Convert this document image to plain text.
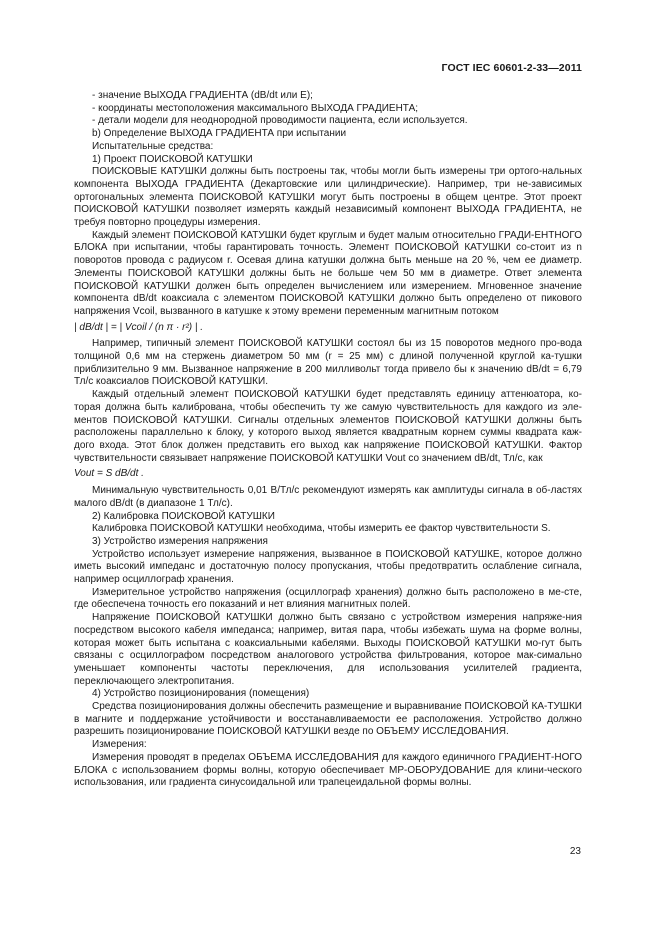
ГОСТ IEC 60601-2-33—2011

- значение ВЫХОДА ГРАДИЕНТА (dB/dt или E);

- координаты местоположения максимального ВЫХОДА ГРАДИЕНТА;

- детали модели для неоднородной проводимости пациента, если используется.

b) Определение ВЫХОДА ГРАДИЕНТА при испытании

Испытательные средства:

1) Проект ПОИСКОВОЙ КАТУШКИ

ПОИСКОВЫЕ КАТУШКИ должны быть построены так, чтобы могли быть измерены три ортого-нальных компонента ВЫХОДА ГРАДИЕНТА (Декартовские или цилиндрические). Например, три не-зависимых ортогональных элемента ПОИСКОВОЙ КАТУШКИ могут быть построены в общем центре. Этот проект ПОИСКОВОЙ КАТУШКИ позволяет измерять каждый независимый компонент ВЫХОДА ГРАДИЕНТА, не требуя повторно процедуры измерения.

Каждый элемент ПОИСКОВОЙ КАТУШКИ будет круглым и будет малым относительно ГРАДИ-ЕНТНОГО БЛОКА при испытании, чтобы гарантировать точность. Элемент ПОИСКОВОЙ КАТУШКИ со-стоит из n поворотов провода с радиусом r. Осевая длина катушки должна быть меньше на 20 %, чем ее диаметр. Элементы ПОИСКОВОЙ КАТУШКИ должны быть не больше чем 50 мм в диаметре. Ответ элемента ПОИСКОВОЙ КАТУШКИ должен быть определен вычислением или измерением. Мгновенное значение компонента dB/dt коаксиала с элементом ПОИСКОВОЙ КАТУШКИ должно быть определено от пикового напряжения Vcoil, вызванного в катушке к этому времени переменным магнитным потоком

| dB/dt | = | Vcoil / (n π · r²) | .

Например, типичный элемент ПОИСКОВОЙ КАТУШКИ состоял бы из 15 поворотов медного про-вода толщиной 0,6 мм на стержень диаметром 50 мм (r = 25 мм) с длиной полученной круглой ка-тушки приблизительно 9 мм. Вызванное напряжение в 200 милливольт тогда привело бы к значению dB/dt = 6,79 Тл/с коаксиалов ПОИСКОВОЙ КАТУШКИ.

Каждый отдельный элемент ПОИСКОВОЙ КАТУШКИ будет представлять единицу аттенюатора, ко-торая должна быть калибрована, чтобы обеспечить ту же самую чувствительность для каждого из эле-ментов ПОИСКОВОЙ КАТУШКИ. Сигналы отдельных элементов ПОИСКОВОЙ КАТУШКИ должны быть расположены параллельно к блоку, у которого выход является квадратным корнем суммы квадрата каж-дого входа. Этот блок должен представить его выход как напряжение ПОИСКОВОЙ КАТУШКИ. Фактор чувствительности связывает напряжение ПОИСКОВОЙ КАТУШКИ Vout со значением dB/dt, Тл/с, как

Vout = S dB/dt .

Минимальную чувствительность 0,01 В/Тл/с рекомендуют измерять как амплитуды сигнала в об-ластях малого dB/dt (в диапазоне 1 Тл/с).

2) Калибровка ПОИСКОВОЙ КАТУШКИ

Калибровка ПОИСКОВОЙ КАТУШКИ необходима, чтобы измерить ее фактор чувствительности S.

3) Устройство измерения напряжения

Устройство использует измерение напряжения, вызванное в ПОИСКОВОЙ КАТУШКЕ, которое должно иметь высокий импеданс и достаточную полосу пропускания, чтобы предотвратить ослабление сигнала, например осциллограф хранения.

Измерительное устройство напряжения (осциллограф хранения) должно быть расположено в ме-сте, где обеспечена точность его показаний и нет влияния магнитных полей.

Напряжение ПОИСКОВОЙ КАТУШКИ должно быть связано с устройством измерения напряже-ния посредством высокого кабеля импеданса; например, витая пара, чтобы избежать шума на форме волны, которая может быть испытана с коаксиальными кабелями. Выходы ПОИСКОВОЙ КАТУШКИ мо-гут быть связаны с осциллографом посредством аналогового устройства фильтрования, которое мак-симально уменьшает компоненты частоты переключения, для использования усилителей градиента, переключающего электропитания.

4) Устройство позиционирования (помещения)

Средства позиционирования должны обеспечить размещение и выравнивание ПОИСКОВОЙ КА-ТУШКИ в магните и поддержание устойчивости и восстанавливаемости ее расположения. Устройство должно разрешить позиционирование ПОИСКОВОЙ КАТУШКИ везде по ОБЪЕМУ ИССЛЕДОВАНИЯ.

Измерения:

Измерения проводят в пределах ОБЪЕМА ИССЛЕДОВАНИЯ для каждого единичного ГРАДИЕНТ-НОГО БЛОКА с использованием формы волны, которую обеспечивает МР-ОБОРУДОВАНИЕ для клини-ческого использования, или градиента синусоидальной или трапецеидальной формы волны.

23
